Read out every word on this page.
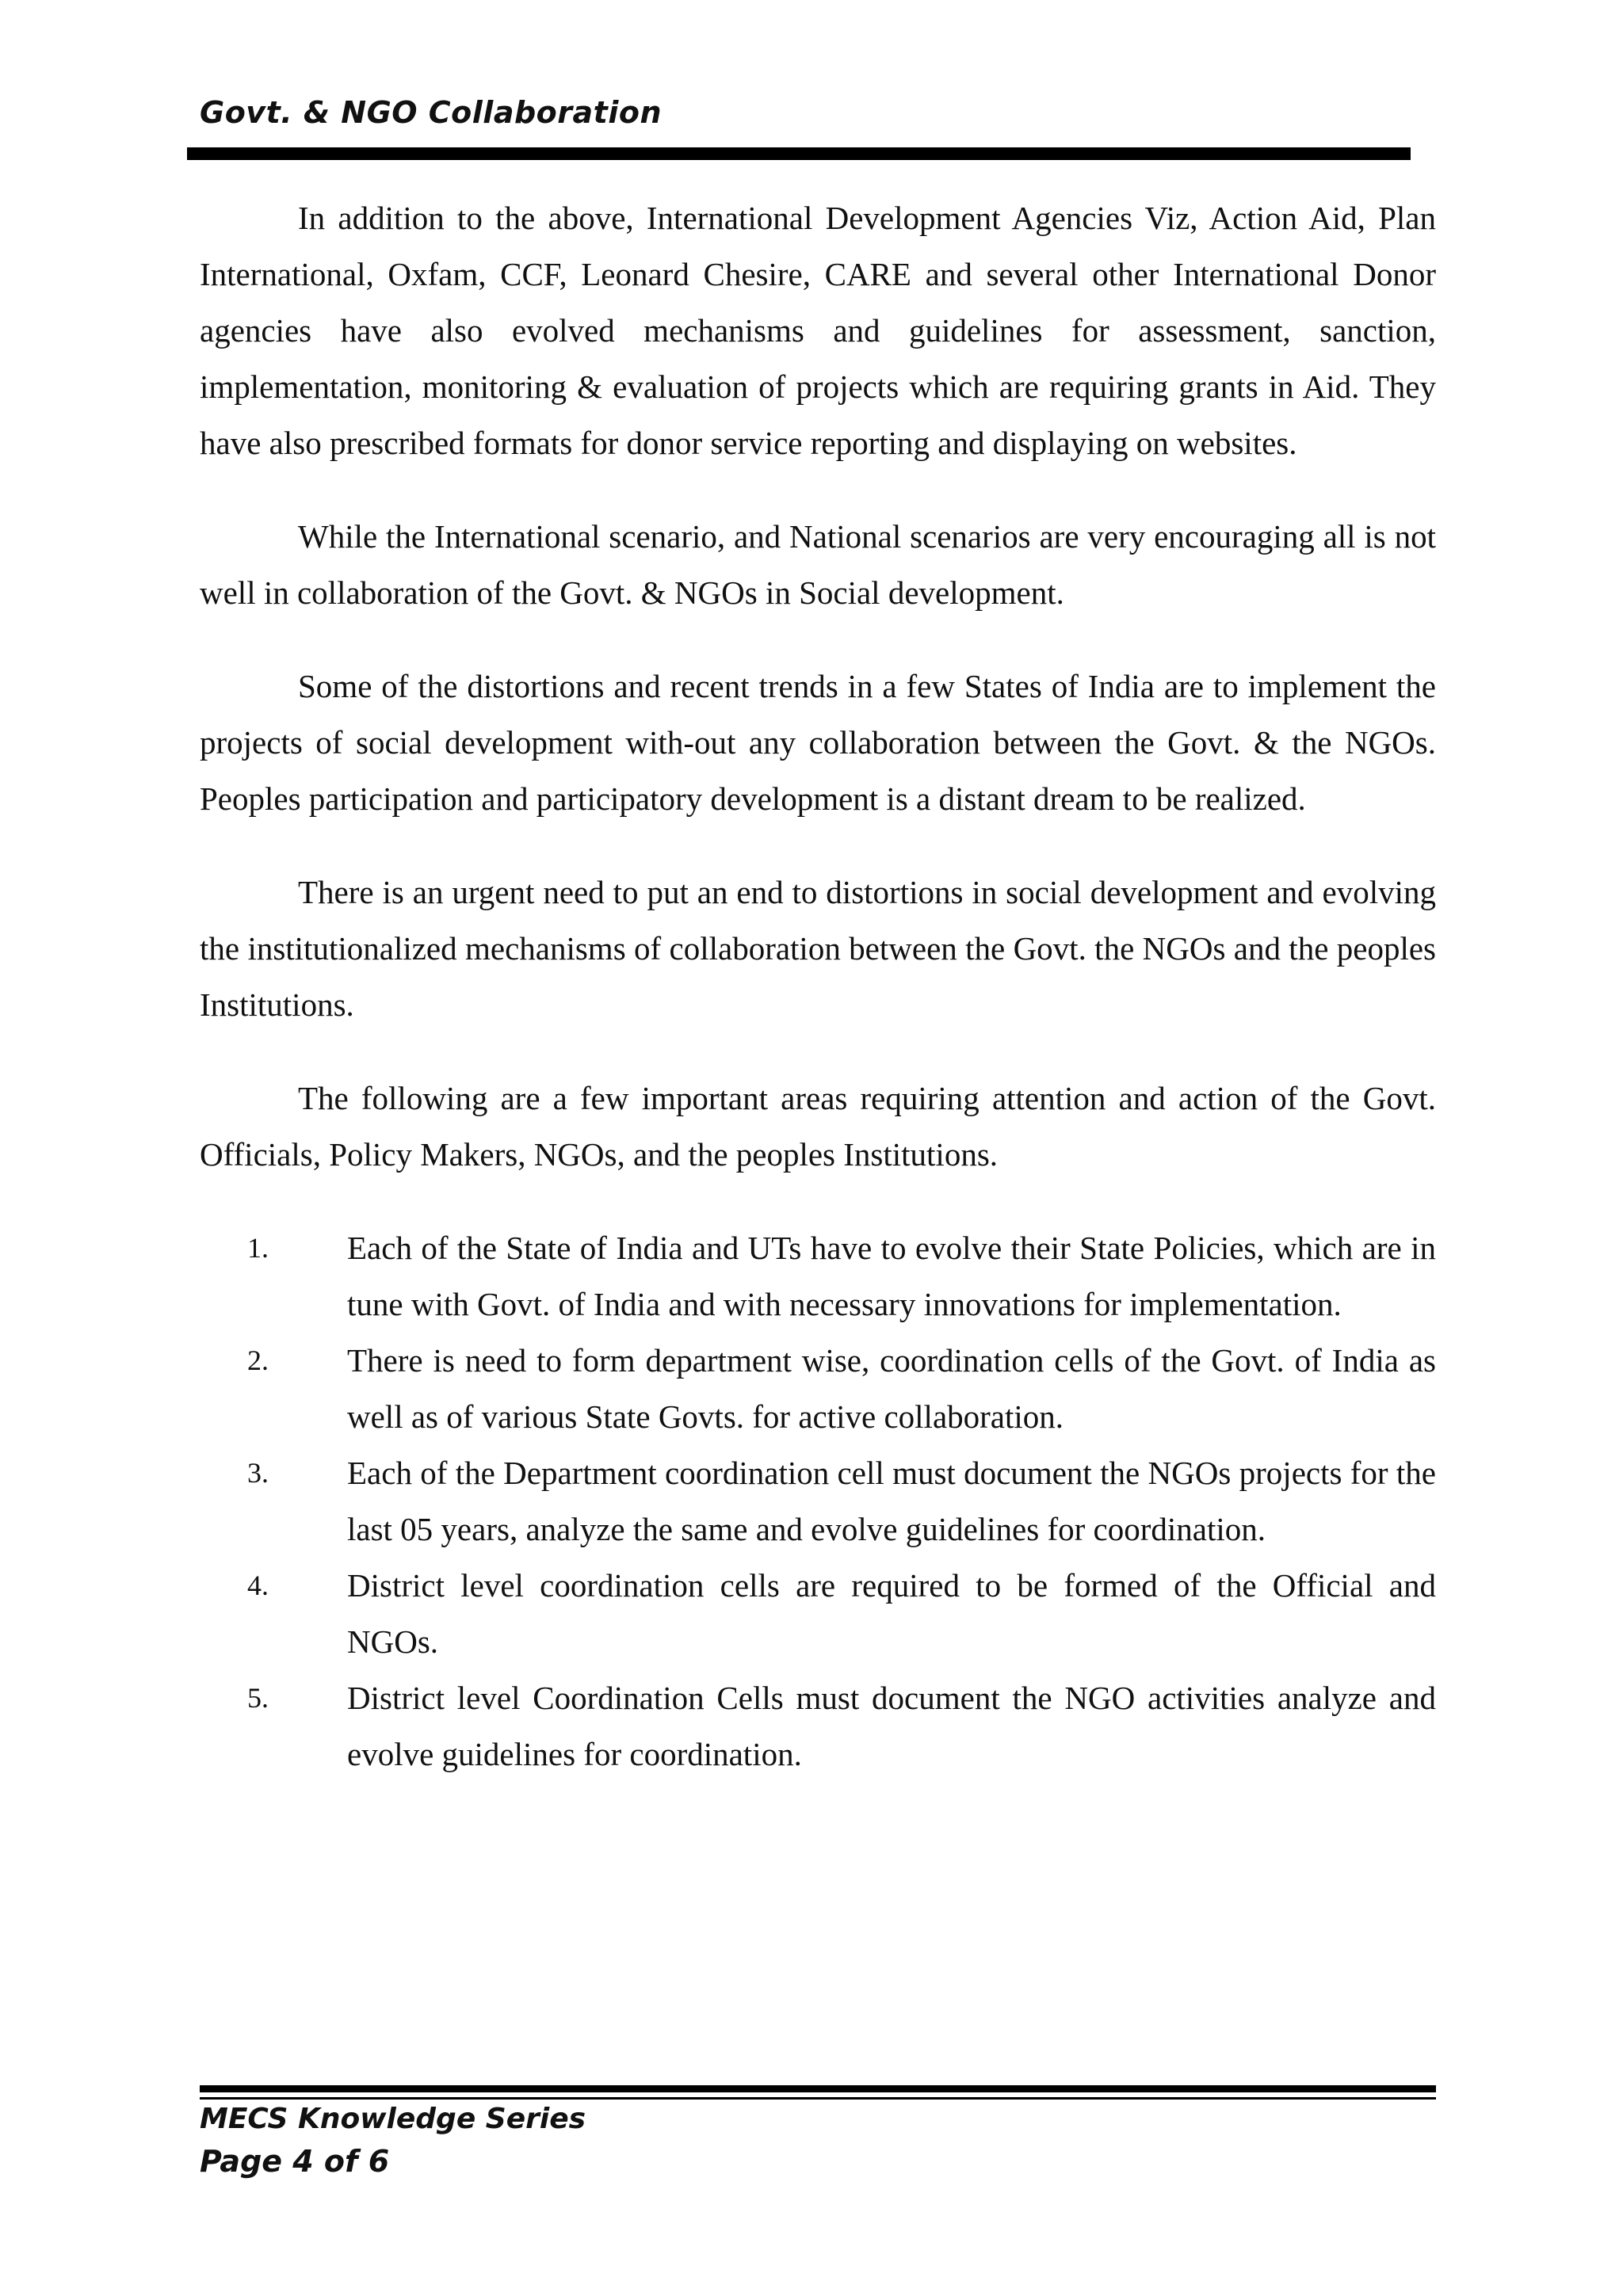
Govt. & NGO Collaboration

In addition to the above, International Development Agencies Viz, Action Aid, Plan International, Oxfam, CCF, Leonard Chesire, CARE and several other International Donor agencies have also evolved mechanisms and guidelines for assessment, sanction, implementation, monitoring & evaluation of projects which are requiring grants in Aid. They have also prescribed formats for donor service reporting and displaying on websites.

While the International scenario, and National scenarios are very encouraging all is not well in collaboration of the Govt. & NGOs in Social development.

Some of the distortions and recent trends in a few States of India are to implement the projects of social development with-out any collaboration between the Govt. & the NGOs. Peoples participation and participatory development is a distant dream to be realized.

There is an urgent need to put an end to distortions in social development and evolving the institutionalized mechanisms of collaboration between the Govt. the NGOs and the peoples Institutions.

The following are a few important areas requiring attention and action of the Govt. Officials, Policy Makers, NGOs, and the peoples Institutions.

1. Each of the State of India and UTs have to evolve their State Policies, which are in tune with Govt. of India and with necessary innovations for implementation.
2. There is need to form department wise, coordination cells of the Govt. of India as well as of various State Govts. for active collaboration.
3. Each of the Department coordination cell must document the NGOs projects for the last 05 years, analyze the same and evolve guidelines for coordination.
4. District level coordination cells are required to be formed of the Official and NGOs.
5. District level Coordination Cells must document the NGO activities analyze and evolve guidelines for coordination.
MECS Knowledge Series
Page 4 of 6
